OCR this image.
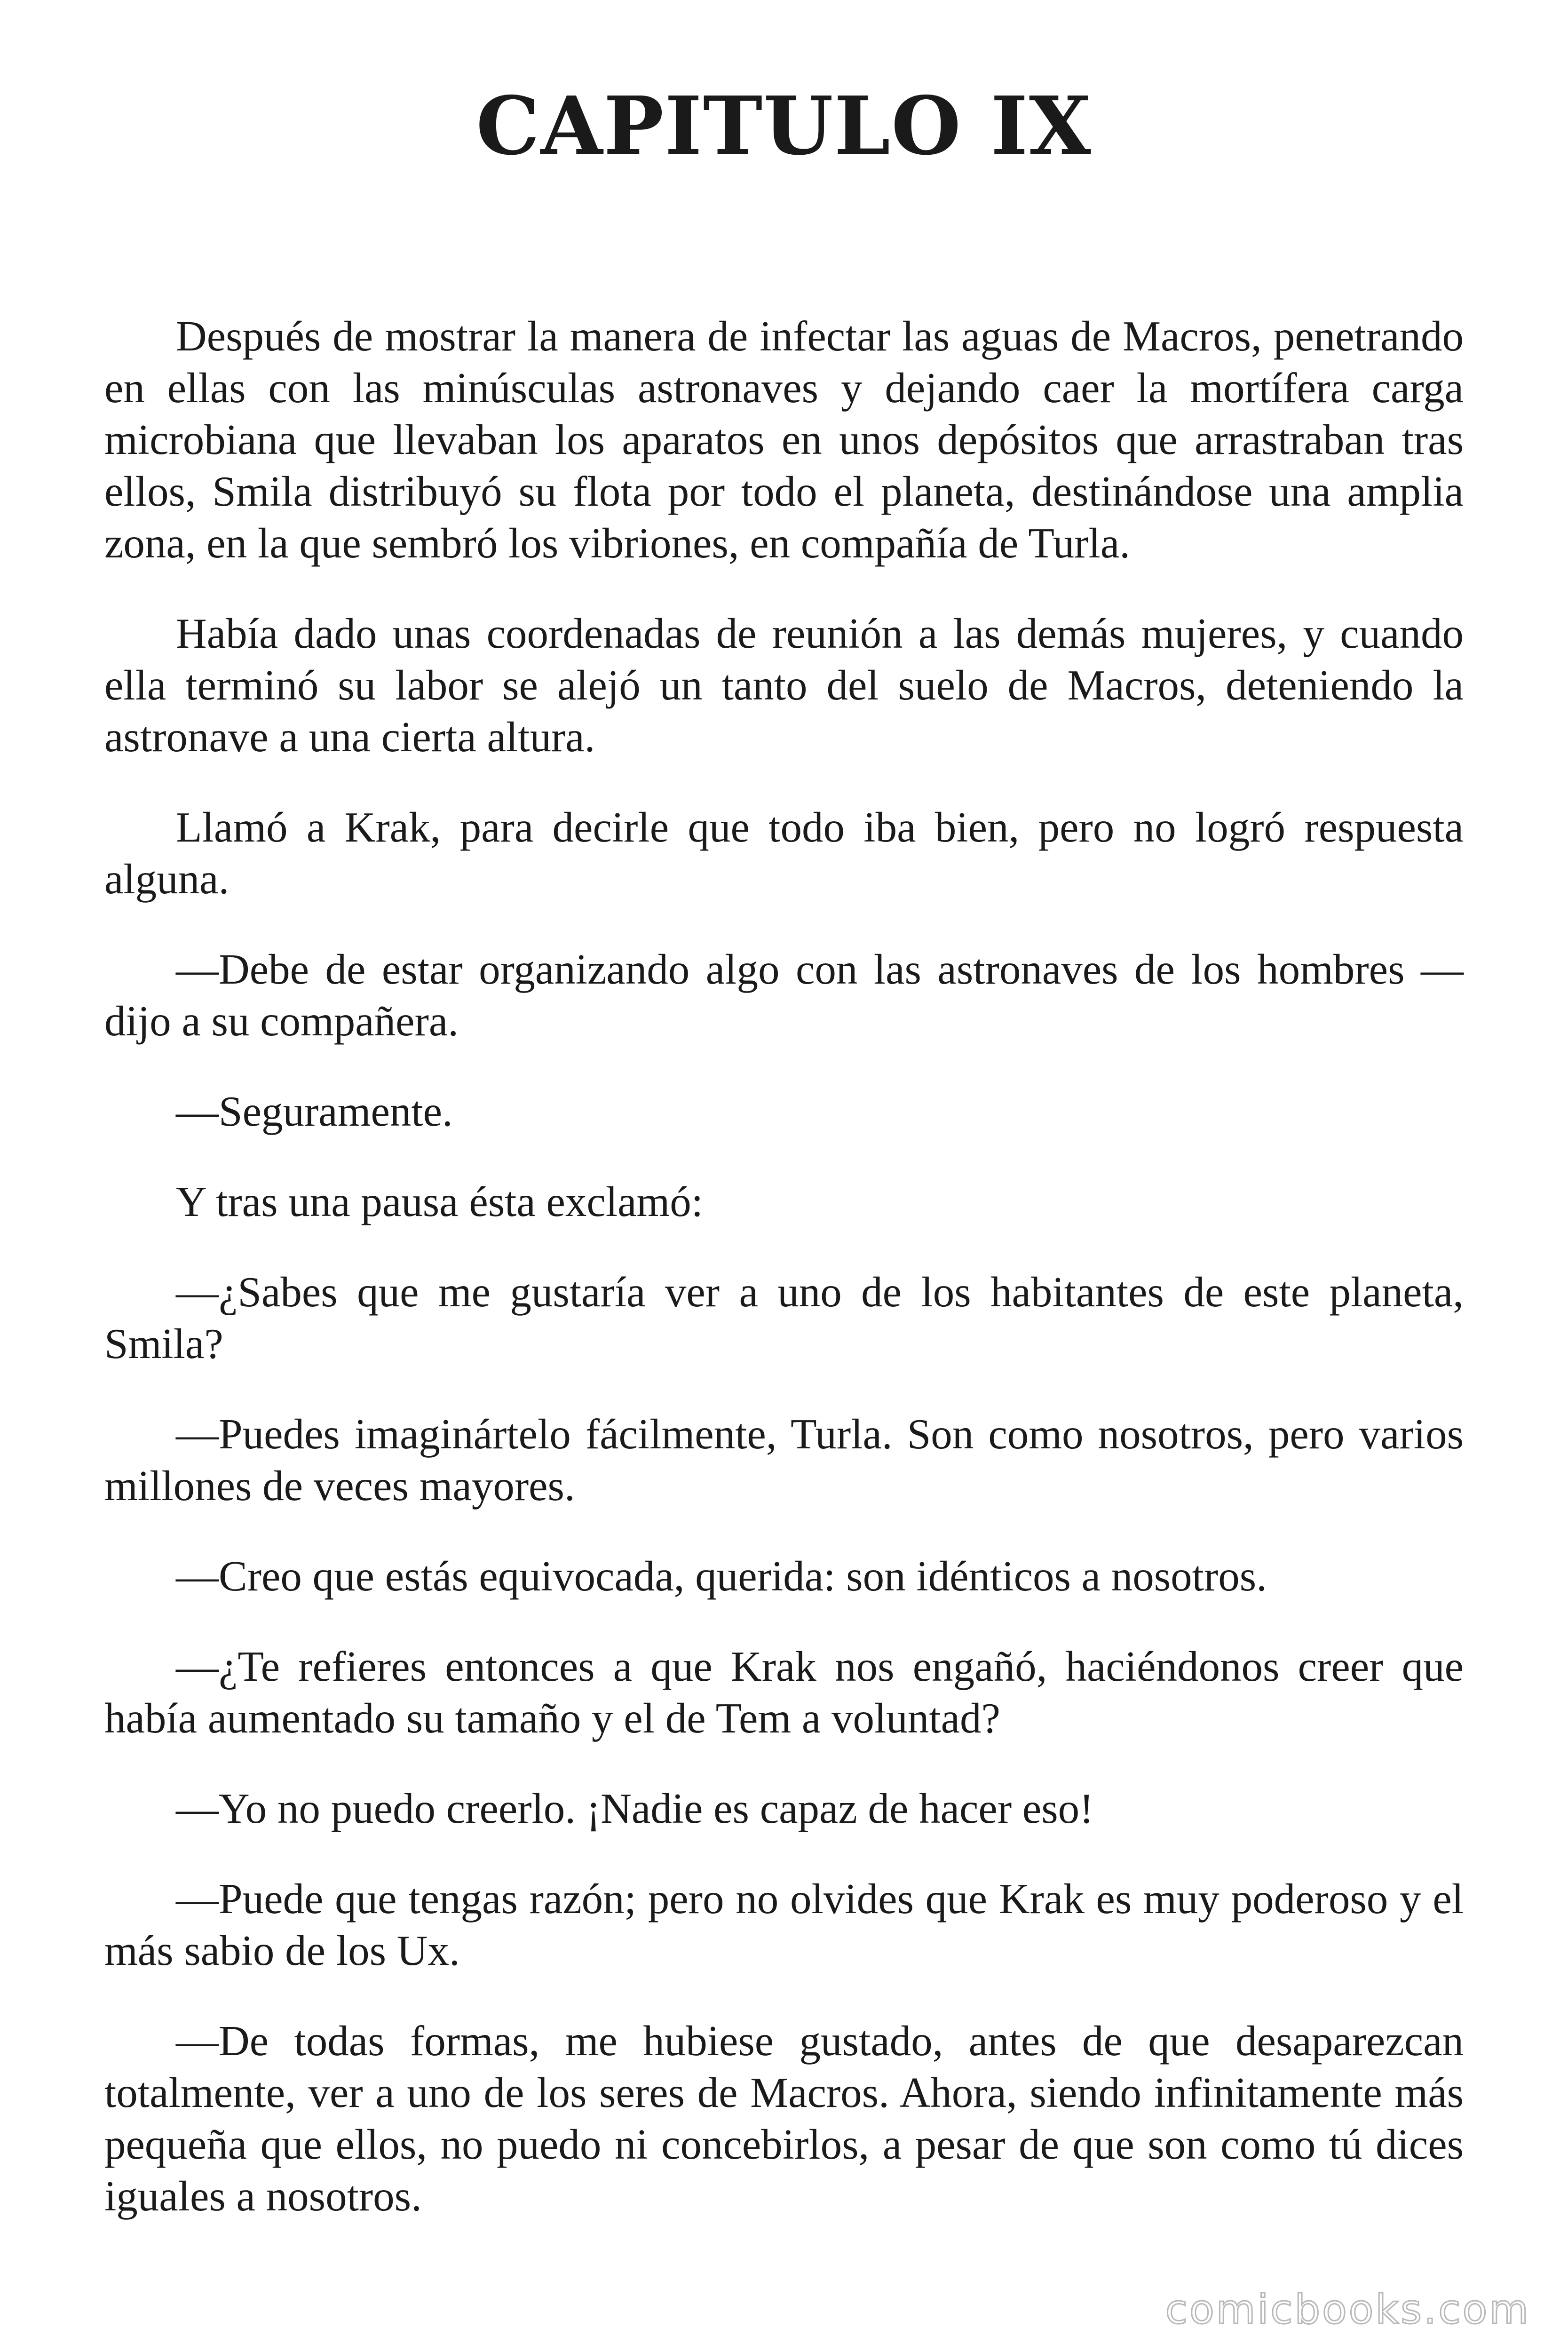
CAPITULO IX

Después de mostrar la manera de infectar las aguas de Macros, penetrando en ellas con las minúsculas astronaves y dejando caer la mortífera carga microbiana que llevaban los aparatos en unos depósitos que arrastraban tras ellos, Smila distribuyó su flota por todo el planeta, destinándose una amplia zona, en la que sembró los vibriones, en compañía de Turla.

Había dado unas coordenadas de reunión a las demás mujeres, y cuando ella terminó su labor se alejó un tanto del suelo de Macros, deteniendo la astronave a una cierta altura.

Llamó a Krak, para decirle que todo iba bien, pero no logró respuesta alguna.

—Debe de estar organizando algo con las astronaves de los hombres — dijo a su compañera.

—Seguramente.

Y tras una pausa ésta exclamó:

—¿Sabes que me gustaría ver a uno de los habitantes de este planeta, Smila?

—Puedes imaginártelo fácilmente, Turla. Son como nosotros, pero varios millones de veces mayores.

—Creo que estás equivocada, querida: son idénticos a nosotros.

—¿Te refieres entonces a que Krak nos engañó, haciéndonos creer que había aumentado su tamaño y el de Tem a voluntad?

—Yo no puedo creerlo. ¡Nadie es capaz de hacer eso!

—Puede que tengas razón; pero no olvides que Krak es muy poderoso y el más sabio de los Ux.

—De todas formas, me hubiese gustado, antes de que desaparezcan totalmente, ver a uno de los seres de Macros. Ahora, siendo infinitamente más pequeña que ellos, no puedo ni concebirlos, a pesar de que son como tú dices iguales a nosotros.

comicbooks.com
